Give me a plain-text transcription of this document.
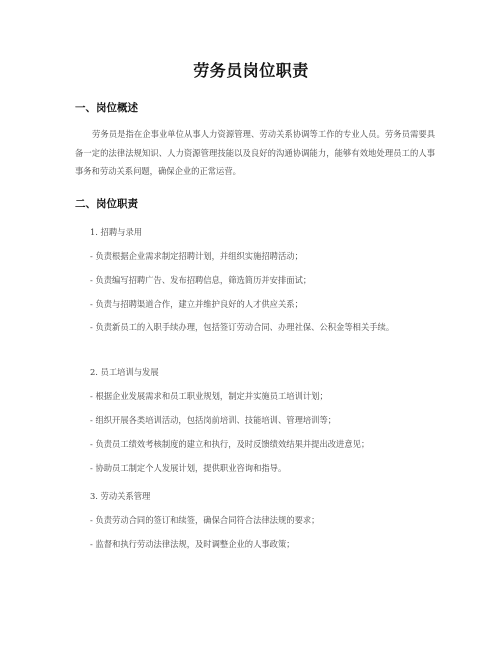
劳务员岗位职责
一、岗位概述
劳务员是指在企事业单位从事人力资源管理、劳动关系协调等工作的专业人员。劳务员需要具备一定的法律法规知识、人力资源管理技能以及良好的沟通协调能力，能够有效地处理员工的人事事务和劳动关系问题，确保企业的正常运营。
二、岗位职责
1. 招聘与录用
- 负责根据企业需求制定招聘计划，并组织实施招聘活动；
- 负责编写招聘广告、发布招聘信息，筛选简历并安排面试；
- 负责与招聘渠道合作，建立并维护良好的人才供应关系；
- 负责新员工的入职手续办理，包括签订劳动合同、办理社保、公积金等相关手续。
2. 员工培训与发展
- 根据企业发展需求和员工职业规划，制定并实施员工培训计划；
- 组织开展各类培训活动，包括岗前培训、技能培训、管理培训等；
- 负责员工绩效考核制度的建立和执行，及时反馈绩效结果并提出改进意见；
- 协助员工制定个人发展计划，提供职业咨询和指导。
3. 劳动关系管理
- 负责劳动合同的签订和续签，确保合同符合法律法规的要求；
- 监督和执行劳动法律法规，及时调整企业的人事政策；
